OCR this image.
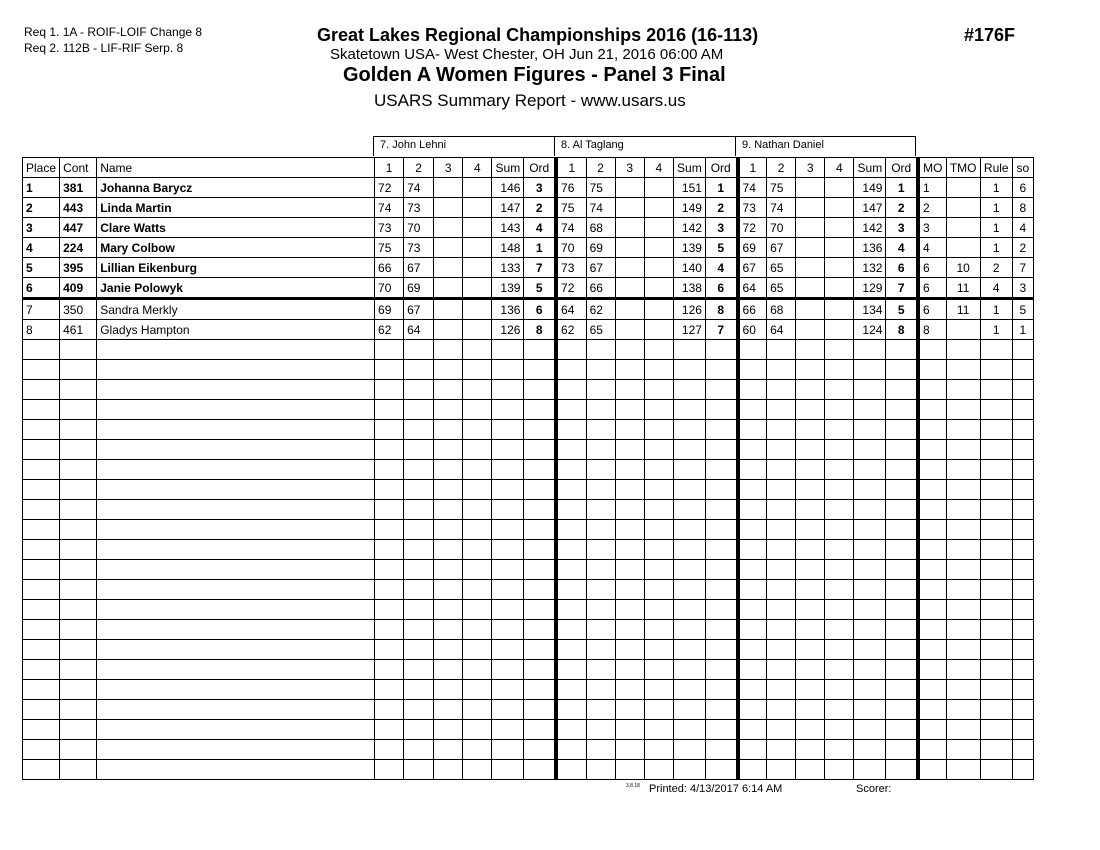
Req 1. 1A - ROIF-LOIF Change 8
Req 2. 112B - LIF-RIF Serp. 8
Great Lakes Regional Championships 2016 (16-113)
Skatetown USA- West Chester, OH Jun 21, 2016 06:00 AM
Golden A Women Figures - Panel 3 Final
USARS Summary Report - www.usars.us
#176F
7. John Lehni	8. Al Taglang	9. Nathan Daniel
Place	Cont	Name	1	2	3	4	Sum	Ord	1	2	3	4	Sum	Ord	1	2	3	4	Sum	Ord	MO	TMO	Rule	so
1	381	Johanna Barycz	72	74			146	3	76	75			151	1	74	75			149	1	1		1	6
2	443	Linda Martin	74	73			147	2	75	74			149	2	73	74			147	2	2		1	8
3	447	Clare Watts	73	70			143	4	74	68			142	3	72	70			142	3	3		1	4
4	224	Mary Colbow	75	73			148	1	70	69			139	5	69	67			136	4	4		1	2
5	395	Lillian Eikenburg	66	67			133	7	73	67			140	4	67	65			132	6	6	10	2	7
6	409	Janie Polowyk	70	69			139	5	72	66			138	6	64	65			129	7	6	11	4	3
7	350	Sandra Merkly	69	67			136	6	64	62			126	8	66	68			134	5	6	11	1	5
8	461	Gladys Hampton	62	64			126	8	62	65			127	7	60	64			124	8	8		1	1

3.8.18 Printed: 4/13/2017 6:14 AM	Scorer:
